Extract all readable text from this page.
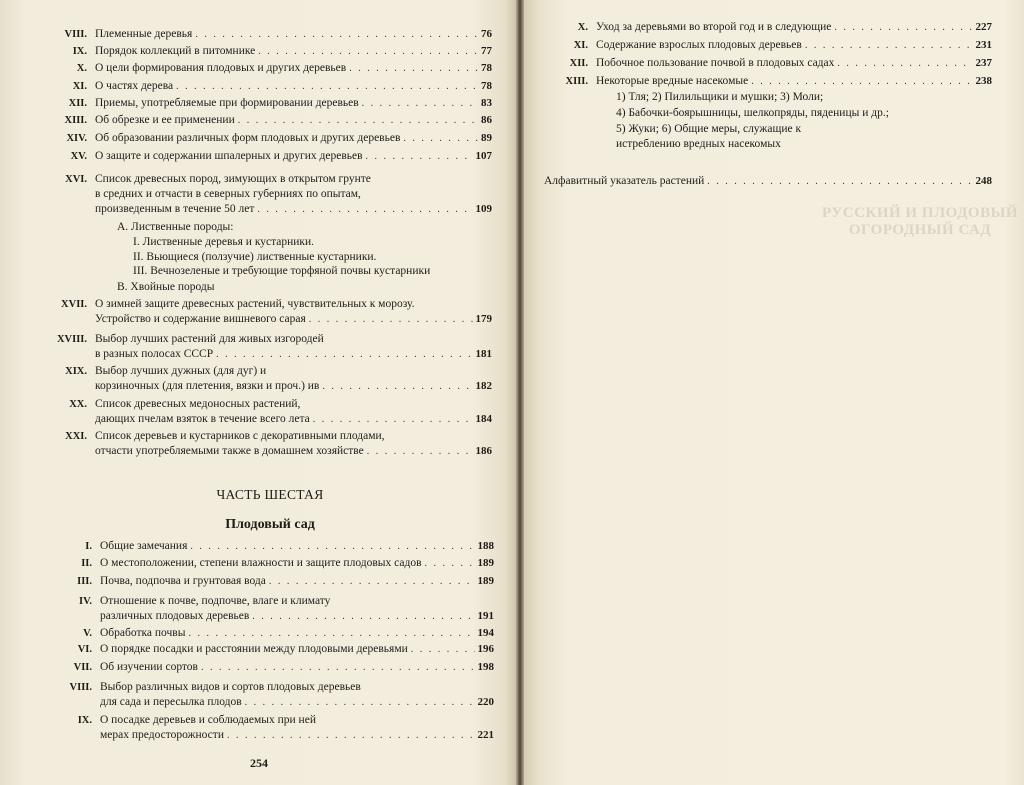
VIII. Племенные деревья . . .	76
IX. Порядок коллекций в питомнике . . .	77
X. О цели формирования плодовых и других деревьев . . .	78
XI. О частях дерева . . .	78
XII. Приемы, употребляемые при формировании деревьев . . .	83
XIII. Об обрезке и ее применении . . .	86
XIV. Об образовании различных форм плодовых и других деревьев . . .	89
XV. О защите и содержании шпалерных и других деревьев . . .	107
XVI. Список древесных пород, зимующих в открытом грунте
в средних и отчасти в северных губерниях по опытам,
произведенным в течение 50 лет . . .	109
А. Лиственные породы:
I. Лиственные деревья и кустарники.
II. Вьющиеся (ползучие) лиственные кустарники.
III. Вечнозеленые и требующие торфяной почвы кустарники
В. Хвойные породы
XVII. О зимней защите древесных растений, чувствительных к морозу.
Устройство и содержание вишневого сарая . . .	179
XVIII. Выбор лучших растений для живых изгородей
в разных полосах СССР . . .	181
XIX. Выбор лучших дужных (для дуг) и
корзиночных (для плетения, вязки и проч.) ив . . .	182
XX. Список древесных медоносных растений,
дающих пчелам взяток в течение всего лета . . .	184
XXI. Список деревьев и кустарников с декоративными плодами,
отчасти употребляемыми также в домашнем хозяйстве . . .	186
ЧАСТЬ ШЕСТАЯ
Плодовый сад
I. Общие замечания . . .	188
II. О местоположении, степени влажности и защите плодовых садов . . .	189
III. Почва, подпочва и грунтовая вода . . .	189
IV. Отношение к почве, подпочве, влаге и климату
различных плодовых деревьев . . .	191
V. Обработка почвы . . .	194
VI. О порядке посадки и расстоянии между плодовыми деревьями . . .	196
VII. Об изучении сортов . . .	198
VIII. Выбор различных видов и сортов плодовых деревьев
для сада и пересылка плодов . . .	220
IX. О посадке деревьев и соблюдаемых при ней
мерах предосторожности . . .	221
254
X. Уход за деревьями во второй год и в следующие . . .	227
XI. Содержание взрослых плодовых деревьев . . .	231
XII. Побочное пользование почвой в плодовых садах . . .	237
XIII. Некоторые вредные насекомые . . .	238
1) Тля; 2) Пилильщики и мушки; 3) Моли;
4) Бабочки-боярышницы, шелкопряды, пяденицы и др.;
5) Жуки; 6) Общие меры, служащие к
истреблению вредных насекомых
Алфавитный указатель растений . . .	248
РУССКИЙ И ПЛОДОВЫЙ
ОГОРОДНЫЙ САД
